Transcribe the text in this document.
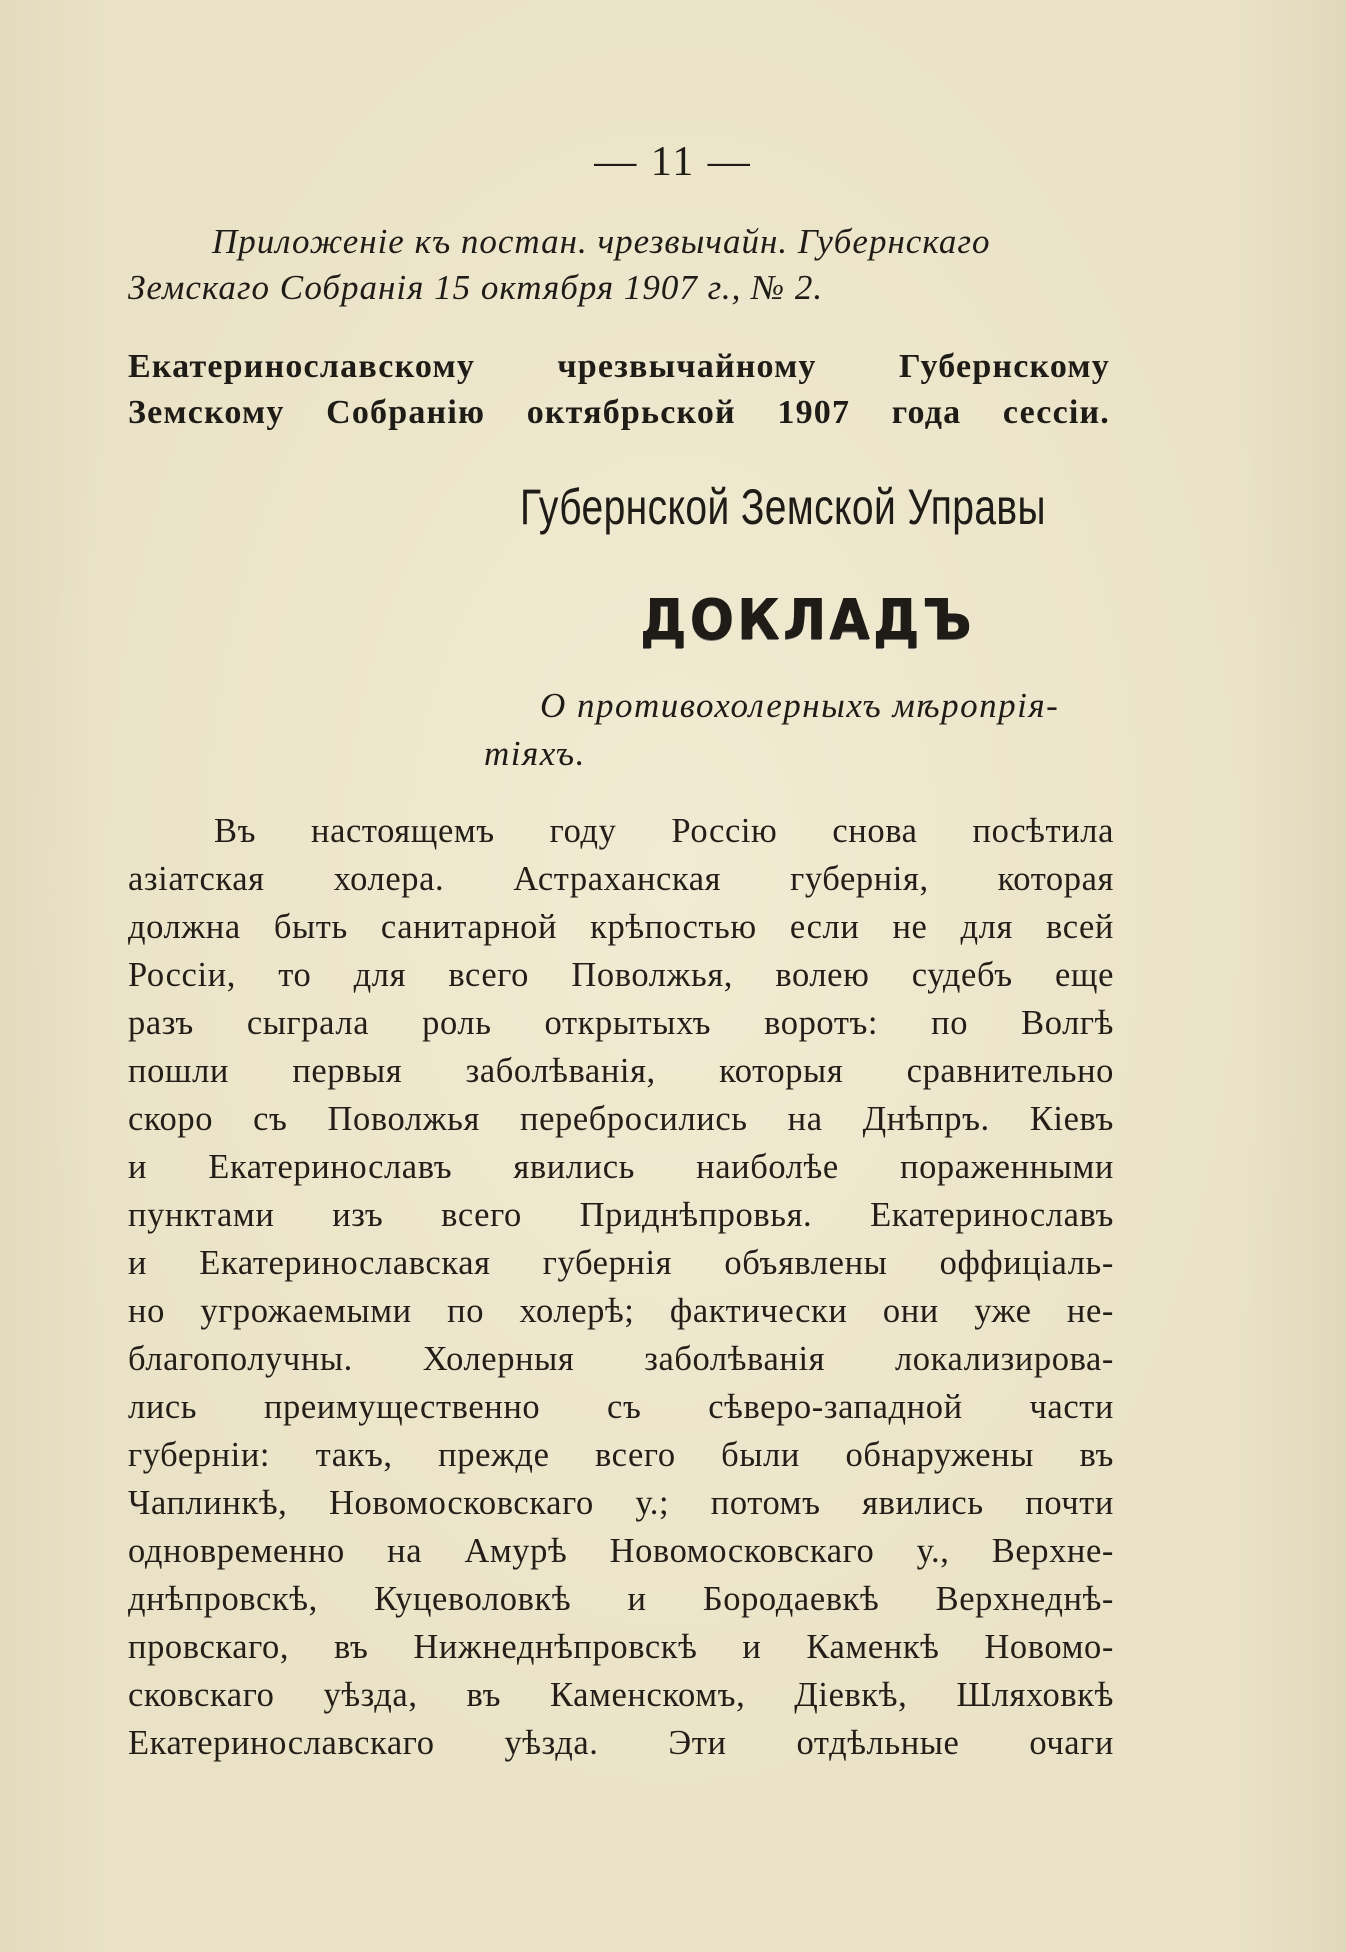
— 11 —
Приложеніе къ постан. чрезвычайн. Губернскаго
Земскаго Собранія 15 октября 1907 г., № 2.
Екатеринославскому чрезвычайному Губернскому
Земскому Собранію октябрьской 1907 года сессіи.
Губернской Земской Управы
ДОКЛАДЪ
О противохолерныхъ мѣропрія-
тіяхъ.
Въ настоящемъ году Россію снова посѣтила
азіатская холера. Астраханская губернія, которая
должна быть санитарной крѣпостью если не для всей
Россіи, то для всего Поволжья, волею судебъ еще
разъ сыграла роль открытыхъ воротъ: по Волгѣ
пошли первыя заболѣванія, которыя сравнительно
скоро съ Поволжья перебросились на Днѣпръ. Кіевъ
и Екатеринославъ явились наиболѣе пораженными
пунктами изъ всего Приднѣпровья. Екатеринославъ
и Екатеринославская губернія объявлены оффиціаль-
но угрожаемыми по холерѣ; фактически они уже не-
благополучны. Холерныя заболѣванія локализирова-
лись преимущественно съ сѣверо-западной части
губерніи: такъ, прежде всего были обнаружены въ
Чаплинкѣ, Новомосковскаго у.; потомъ явились почти
одновременно на Амурѣ Новомосковскаго у., Верхне-
днѣпровскѣ, Куцеволовкѣ и Бородаевкѣ Верхнеднѣ-
провскаго, въ Нижнеднѣпровскѣ и Каменкѣ Новомо-
сковскаго уѣзда, въ Каменскомъ, Діевкѣ, Шляховкѣ
Екатеринославскаго уѣзда. Эти отдѣльные очаги
